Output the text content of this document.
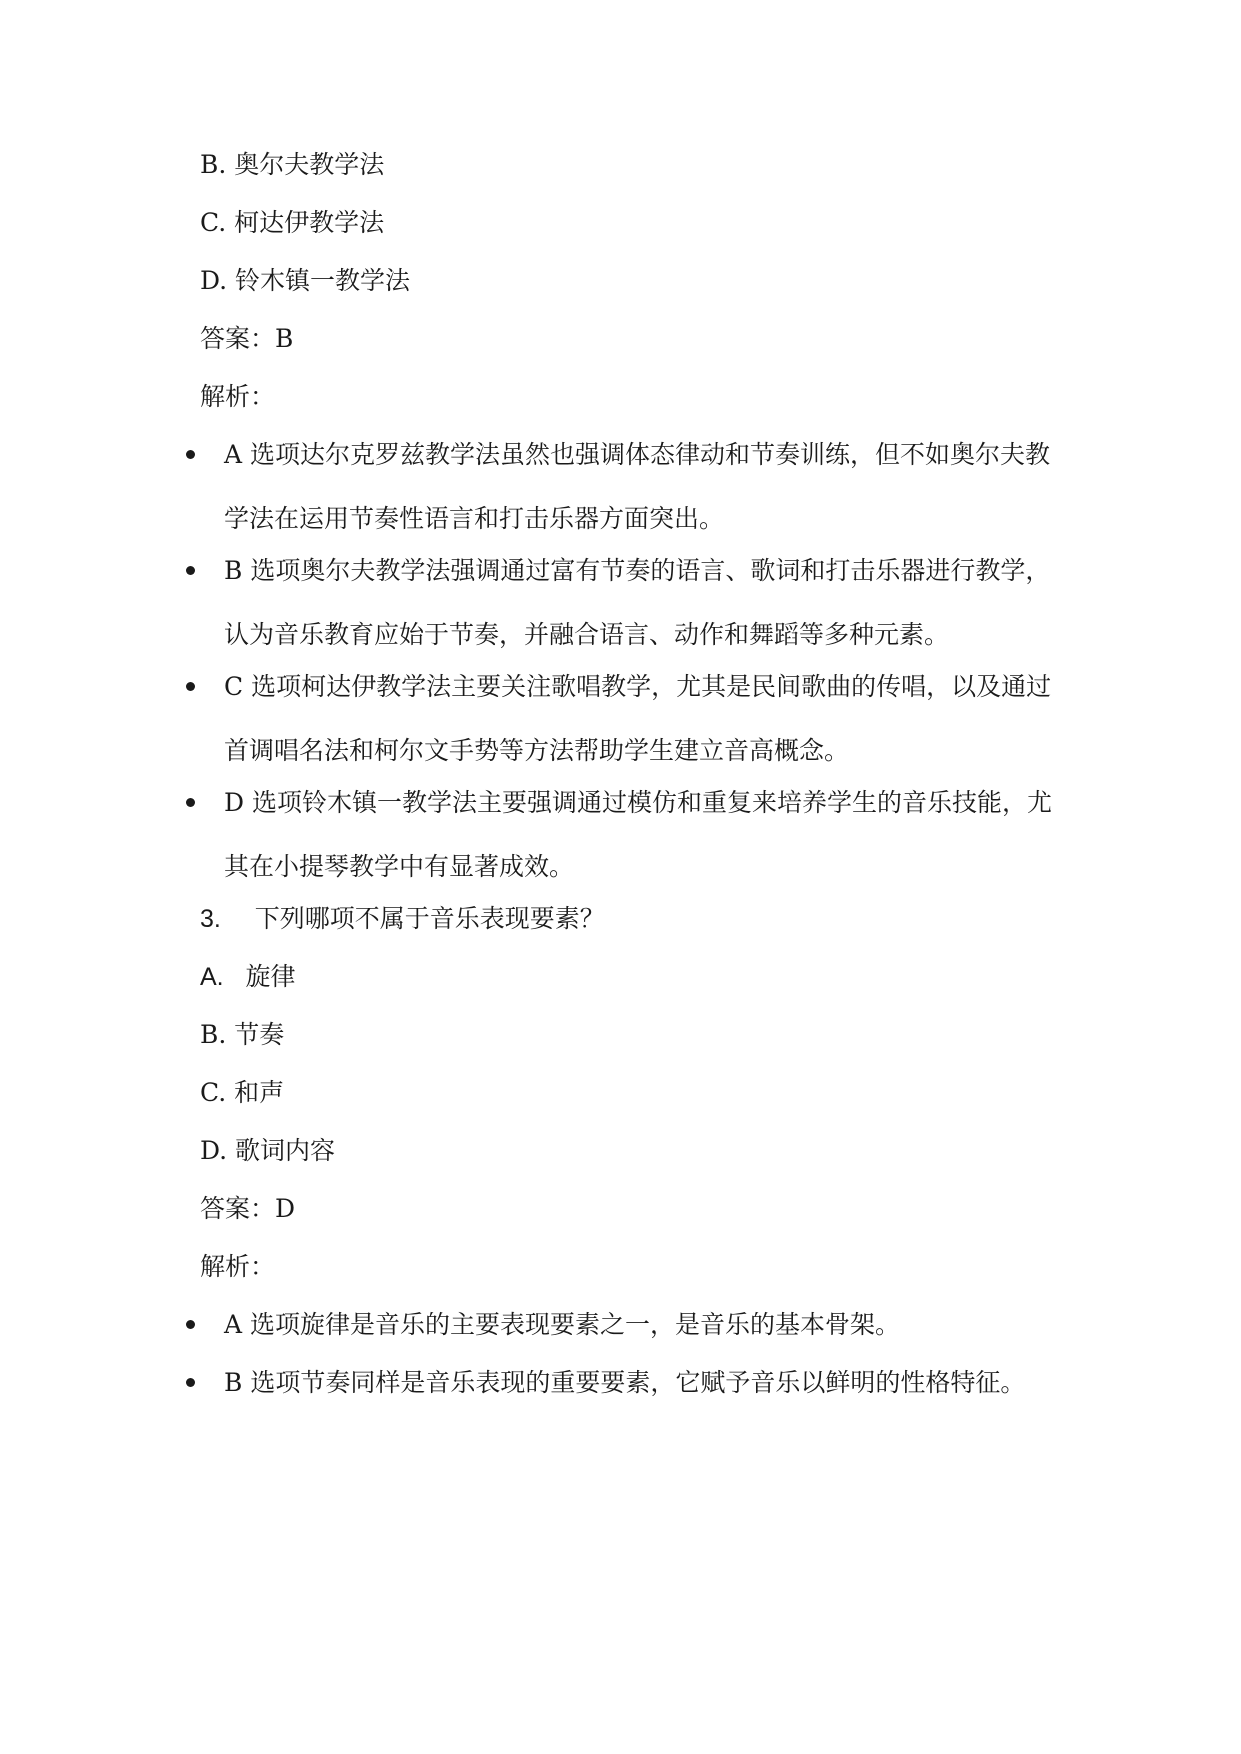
B. 奥尔夫教学法
C. 柯达伊教学法
D. 铃木镇一教学法
答案：B
解析：
A 选项达尔克罗兹教学法虽然也强调体态律动和节奏训练，但不如奥尔夫教学法在运用节奏性语言和打击乐器方面突出。
B 选项奥尔夫教学法强调通过富有节奏的语言、歌词和打击乐器进行教学，认为音乐教育应始于节奏，并融合语言、动作和舞蹈等多种元素。
C 选项柯达伊教学法主要关注歌唱教学，尤其是民间歌曲的传唱，以及通过首调唱名法和柯尔文手势等方法帮助学生建立音高概念。
D 选项铃木镇一教学法主要强调通过模仿和重复来培养学生的音乐技能，尤其在小提琴教学中有显著成效。
3. 下列哪项不属于音乐表现要素？
A. 旋律
B. 节奏
C. 和声
D. 歌词内容
答案：D
解析：
A 选项旋律是音乐的主要表现要素之一，是音乐的基本骨架。
B 选项节奏同样是音乐表现的重要要素，它赋予音乐以鲜明的性格特征。
